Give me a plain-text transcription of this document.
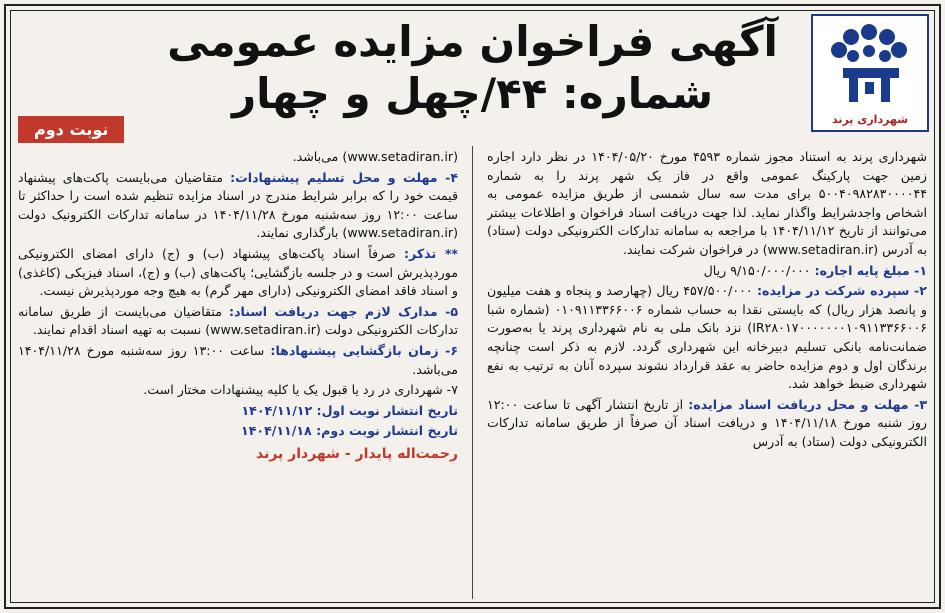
شهرداری پرند
آگهی فراخوان مزایده عمومی
شماره: ۴۴/چهل و چهار
نوبت دوم

شهرداری پرند به استناد مجوز شماره ۴۵۹۳ مورخ ۱۴۰۴/۰۵/۲۰ در نظر دارد اجاره زمین جهت پارکینگ عمومی واقع در فاز یک شهر پرند را به شماره ۵۰۰۴۰۹۸۲۸۳۰۰۰۰۴۴ برای مدت سه سال شمسی از طریق مزایده عمومی به اشخاص واجدشرایط واگذار نماید. لذا جهت دریافت اسناد فراخوان و اطلاعات بیشتر می‌توانند از تاریخ ۱۴۰۴/۱۱/۱۲ با مراجعه به سامانه تدارکات الکترونیکی دولت (ستاد) به آدرس (www.setadiran.ir) در فراخوان شرکت نمایند.

۱- مبلغ پایه اجاره: ۹/۱۵۰/۰۰۰/۰۰۰ ریال

۲- سپرده شرکت در مزایده: ۴۵۷/۵۰۰/۰۰۰ ریال (چهارصد و پنجاه و هفت میلیون و پانصد هزار ریال) که بایستی نقدا به حساب شماره ۰۱۰۹۱۱۳۳۶۶۰۰۶ (شماره شبا IR۲۸۰۱۷۰۰۰۰۰۰۰۱۰۹۱۱۳۳۶۶۰۰۶) نزد بانک ملی به نام شهرداری پرند یا به‌صورت ضمانت‌نامه بانکی تسلیم دبیرخانه این شهرداری گردد. لازم به ذکر است چنانچه برندگان اول و دوم مزایده حاضر به عقد قرارداد نشوند سپرده آنان به ترتیب به نفع شهرداری ضبط خواهد شد.

۳- مهلت و محل دریافت اسناد مزایده: از تاریخ انتشار آگهی تا ساعت ۱۲:۰۰ روز شنبه مورخ ۱۴۰۴/۱۱/۱۸ و دریافت اسناد آن صرفاً از طریق سامانه تدارکات الکترونیکی دولت (ستاد) به آدرس

(www.setadiran.ir) می‌باشد.

۴- مهلت و محل تسلیم پیشنهادات: متقاضیان می‌بایست پاکت‌های پیشنهاد قیمت خود را که برابر شرایط مندرج در اسناد مزایده تنظیم شده است را حداکثر تا ساعت ۱۲:۰۰ روز سه‌شنبه مورخ ۱۴۰۴/۱۱/۲۸ در سامانه تدارکات الکترونیک دولت (www.setadiran.ir) بارگذاری نمایند.

** تذکر: صرفاً اسناد پاکت‌های پیشنهاد (ب) و (ج) دارای امضای الکترونیکی موردپذیرش است و در جلسه بازگشایی؛ پاکت‌های (ب) و (ج)، اسناد فیزیکی (کاغذی) و اسناد فاقد امضای الکترونیکی (دارای مهر گرم) به هیچ وجه موردپذیرش نیست.

۵- مدارک لازم جهت دریافت اسناد: متقاضیان می‌بایست از طریق سامانه تدارکات الکترونیکی دولت (www.setadiran.ir) نسبت به تهیه اسناد اقدام نمایند.

۶- زمان بازگشایی پیشنهادها: ساعت ۱۳:۰۰ روز سه‌شنبه مورخ ۱۴۰۴/۱۱/۲۸ می‌باشد.

۷- شهرداری در رد یا قبول یک یا کلیه پیشنهادات مختار است.

تاریخ انتشار نوبت اول: ۱۴۰۴/۱۱/۱۲

تاریخ انتشار نوبت دوم: ۱۴۰۴/۱۱/۱۸

رحمت‌اله پایدار - شهردار پرند
